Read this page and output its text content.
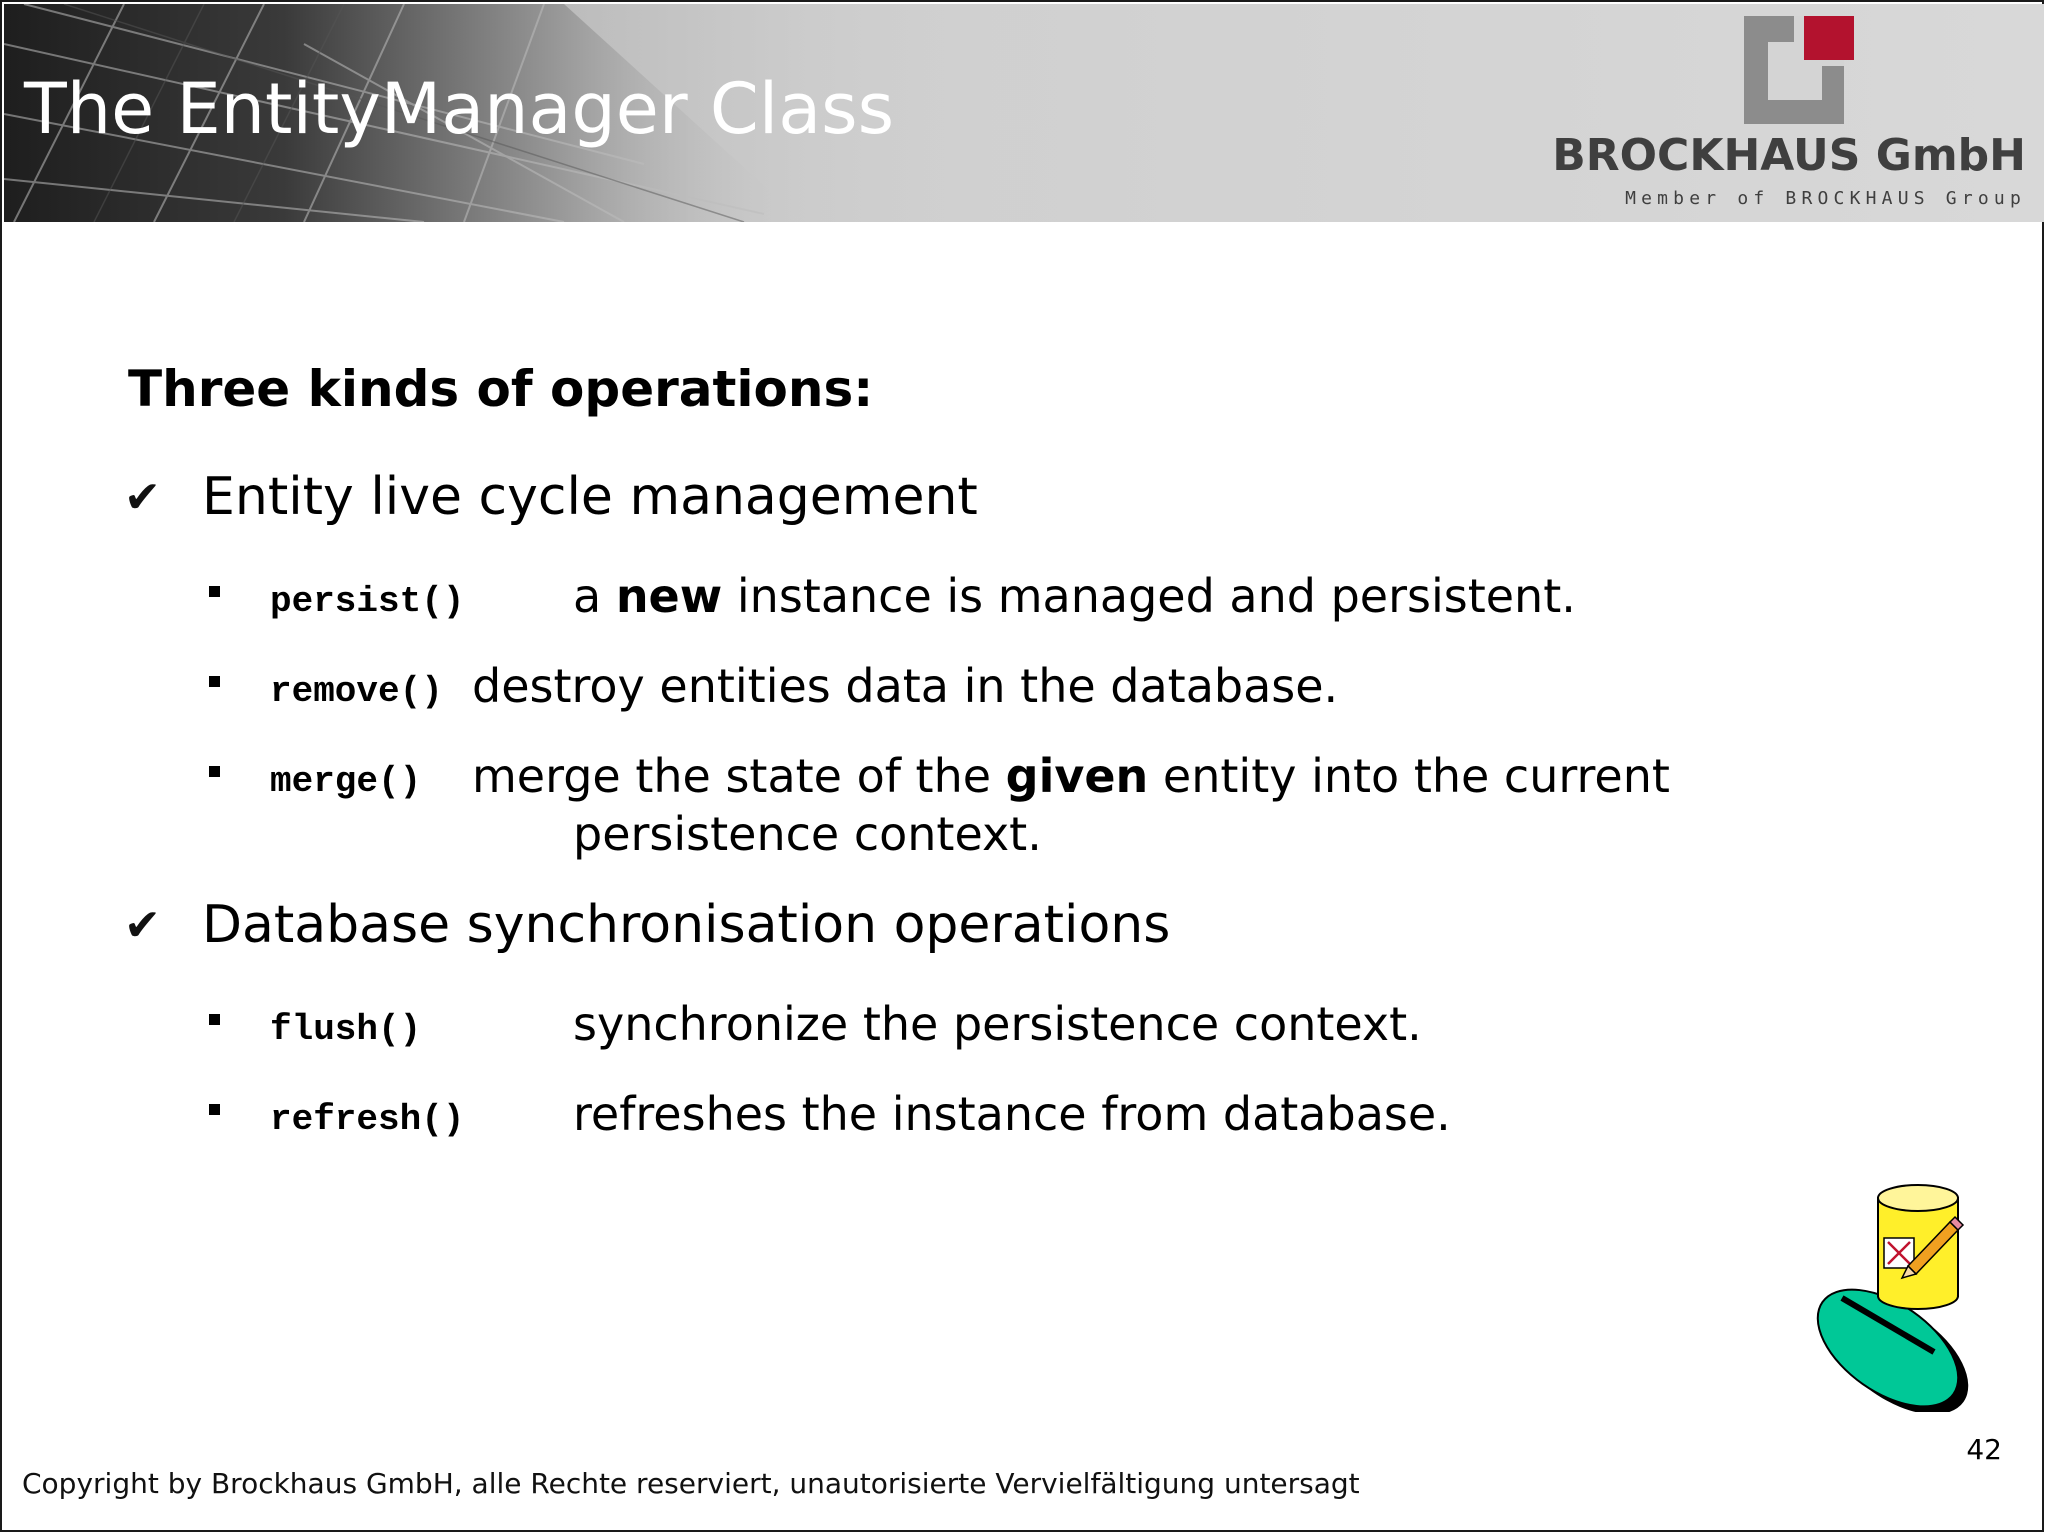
The EntityManager Class
BROCKHAUS GmbH
Member of BROCKHAUS Group
Three kinds of operations:
✔ Entity live cycle management
persist() a new instance is managed and persistent.
remove() destroy entities data in the database.
merge() merge the state of the given entity into the current
persistence context.
✔ Database synchronisation operations
flush()	synchronize the persistence context.
refresh() refreshes the instance from database.
42
Copyright by Brockhaus GmbH, alle Rechte reserviert, unautorisierte Vervielfältigung untersagt
